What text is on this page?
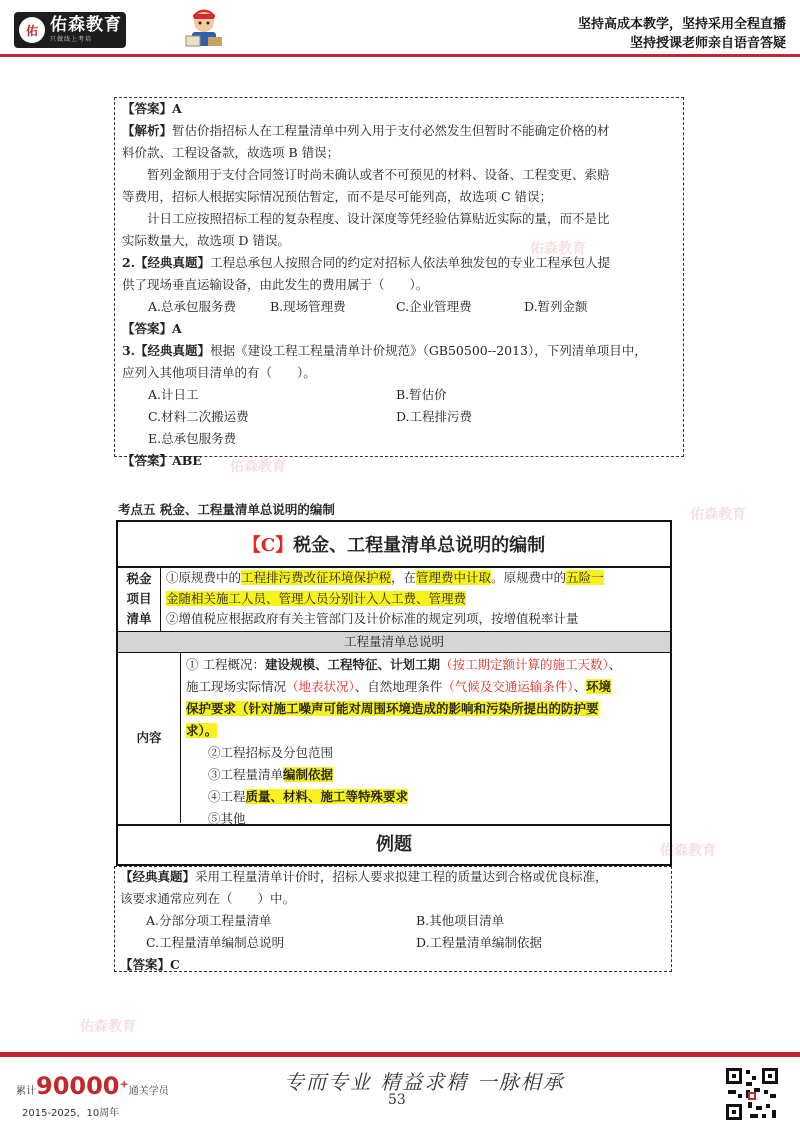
佑 佑森教育
只做线上考培
坚持高成本教学，坚持采用全程直播
坚持授课老师亲自语音答疑
佑森教育
佑森教育
佑森教育
佑森教育
佑森教育
【答案】A
【解析】暂估价指招标人在工程量清单中列入用于支付必然发生但暂时不能确定价格的材
料价款、工程设备款，故选项 B 错误；
暂列金额用于支付合同签订时尚未确认或者不可预见的材料、设备、工程变更、索赔
等费用，招标人根据实际情况预估暂定，而不是尽可能列高，故选项 C 错误；
计日工应按照招标工程的复杂程度、设计深度等凭经验估算贴近实际的量，而不是比
实际数量大，故选项 D 错误。
2.【经典真题】工程总承包人按照合同的约定对招标人依法单独发包的专业工程承包人提
供了现场垂直运输设备，由此发生的费用属于（　　）。
A.总承包服务费	B.现场管理费	C.企业管理费	D.暂列金额
【答案】A
3.【经典真题】根据《建设工程工程量清单计价规范》（GB50500--2013），下列清单项目中，
应列入其他项目清单的有（　　）。
A.计日工	B.暂估价
C.材料二次搬运费	D.工程排污费
E.总承包服务费
【答案】ABE
考点五 税金、工程量清单总说明的编制
【C】 税金、工程量清单总说明的编制
税金
项目
清单
①原规费中的工程排污费改征环境保护税，在管理费中计取。原规费中的五险一
金随相关施工人员、管理人员分别计入人工费、管理费
②增值税应根据政府有关主管部门及计价标准的规定列项，按增值税率计量
工程量清单总说明
内容
① 工程概况：建设规模、工程特征、计划工期（按工期定额计算的施工天数）、
施工现场实际情况（地表状况）、自然地理条件（气候及交通运输条件）、环境
保护要求（针对施工噪声可能对周围环境造成的影响和污染所提出的防护要
求）。
②工程招标及分包范围
③工程量清单编制依据
④工程质量、材料、施工等特殊要求
⑤其他
例题
【经典真题】采用工程量清单计价时，招标人要求拟建工程的质量达到合格或优良标准，
该要求通常应列在（　　）中。
A.分部分项工程量清单	B.其他项目清单
C.工程量清单编制总说明	D.工程量清单编制依据
【答案】C
累计90000+通关学员
2015-2025，10周年
专而专业 精益求精 一脉相承
53
